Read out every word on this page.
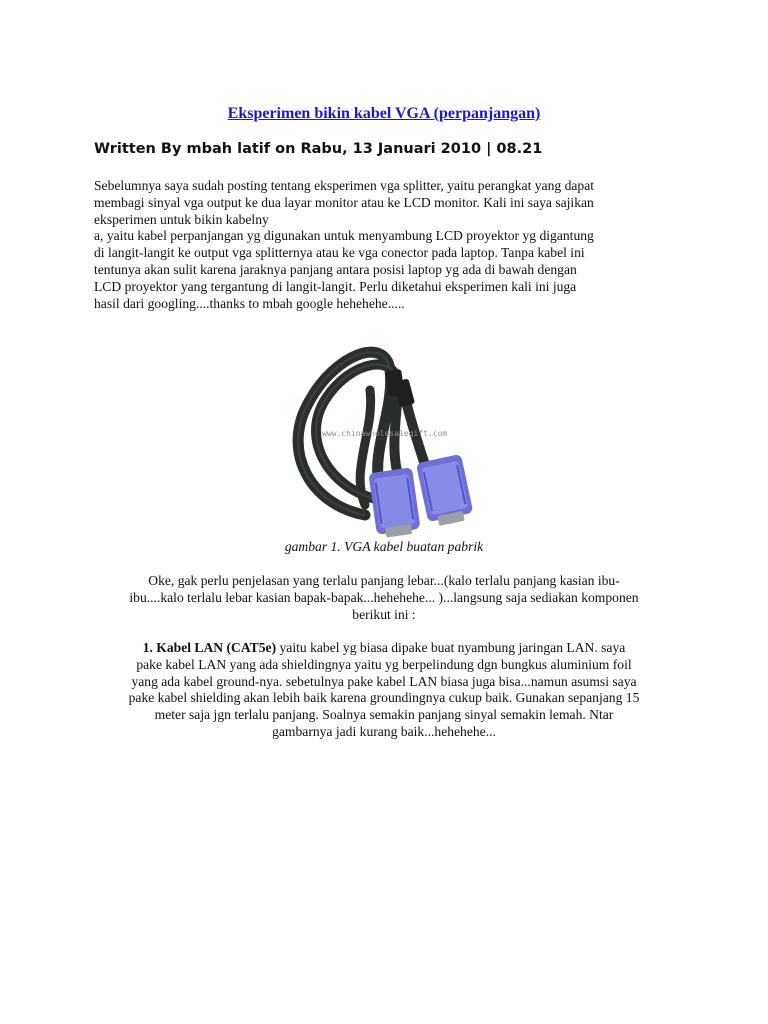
Eksperimen bikin kabel VGA (perpanjangan)

Written By mbah latif on Rabu, 13 Januari 2010 | 08.21

Sebelumnya saya sudah posting tentang eksperimen vga splitter, yaitu perangkat yang dapat
membagi sinyal vga output ke dua layar monitor atau ke LCD monitor. Kali ini saya sajikan
eksperimen untuk bikin kabelny
a, yaitu kabel perpanjangan yg digunakan untuk menyambung LCD proyektor yg digantung
di langit-langit ke output vga splitternya atau ke vga conector pada laptop. Tanpa kabel ini
tentunya akan sulit karena jaraknya panjang antara posisi laptop yg ada di bawah dengan
LCD proyektor yang tergantung di langit-langit. Perlu diketahui eksperimen kali ini juga
hasil dari googling....thanks to mbah google hehehehe.....

www.chinawholesalegift.com

gambar 1. VGA kabel buatan pabrik

Oke, gak perlu penjelasan yang terlalu panjang lebar...(kalo terlalu panjang kasian ibu-
ibu....kalo terlalu lebar kasian bapak-bapak...hehehehe... )...langsung saja sediakan komponen
berikut ini :

1. Kabel LAN (CAT5e) yaitu kabel yg biasa dipake buat nyambung jaringan LAN. saya
pake kabel LAN yang ada shieldingnya yaitu yg berpelindung dgn bungkus aluminium foil
yang ada kabel ground-nya. sebetulnya pake kabel LAN biasa juga bisa...namun asumsi saya
pake kabel shielding akan lebih baik karena groundingnya cukup baik. Gunakan sepanjang 15
meter saja jgn terlalu panjang. Soalnya semakin panjang sinyal semakin lemah. Ntar
gambarnya jadi kurang baik...hehehehe...
